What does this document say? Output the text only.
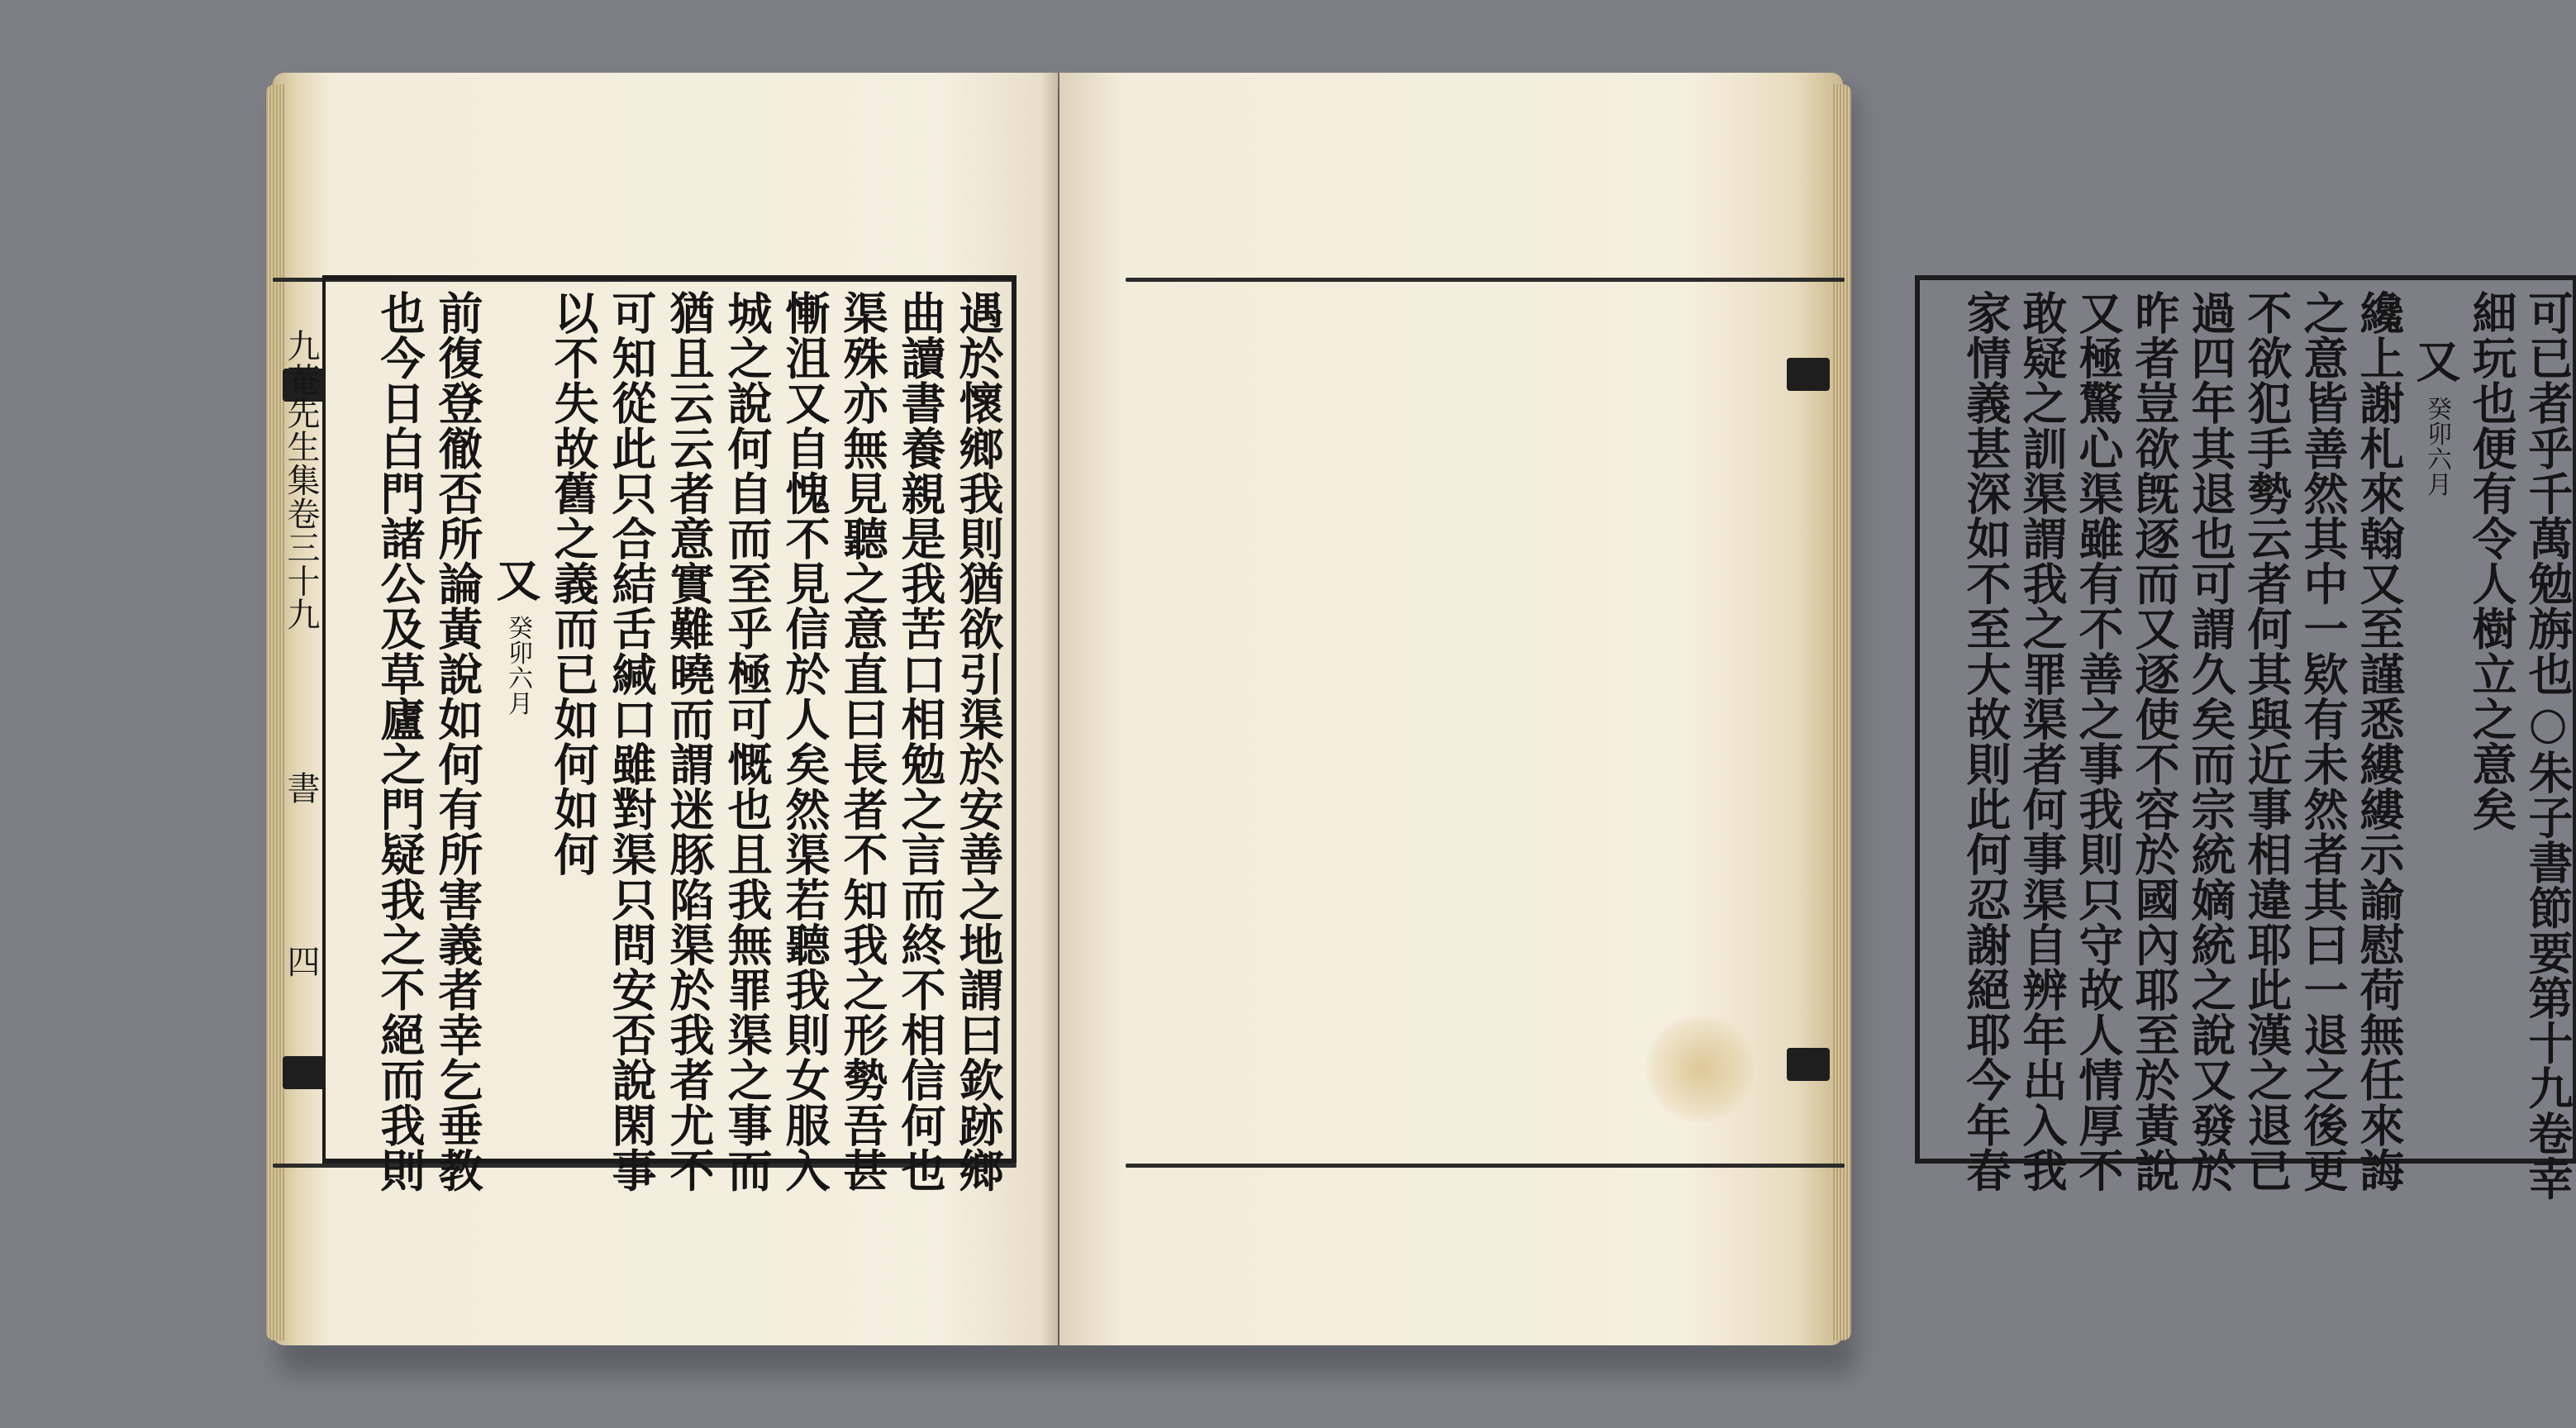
九菴先生集卷三十九
書
四	遇於懷鄉我則猶欲引渠於安善之地謂曰欽跡鄉
曲讀書養親是我苦口相勉之言而終不相信何也
渠殊亦無見聽之意直曰長者不知我之形勢吾甚
慚沮又自愧不見信於人矣然渠若聽我則女服入
城之說何自而至乎極可慨也且我無罪渠之事而
猶且云云者意實難曉而謂迷豚陷渠於我者尤不
可知從此只合結舌緘口雖對渠只問安否說閑事
以不失故舊之義而已如何如何
又
癸卯六月
前復登徹否所論黃說如何有所害義者幸乞垂教
也今日白門諸公及草廬之門疑我之不絕而我則	可已者乎千萬勉旃也○朱子書節要第十九卷幸
細玩也便有令人樹立之意矣
又
癸卯六月
纔上謝札來翰又至謹悉縷縷示諭慰荷無任來誨
之意皆善然其中一欵有未然者其曰一退之後更
不欲犯手勢云者何其與近事相違耶此漢之退已
過四年其退也可謂久矣而宗統嫡統之說又發於
昨者豈欲旣逐而又逐使不容於國內耶至於黃說
又極驚心渠雖有不善之事我則只守故人情厚不
敢疑之訓渠謂我之罪渠者何事渠自辨年出入我
家情義甚深如不至大故則此何忍謝絕耶今年春
